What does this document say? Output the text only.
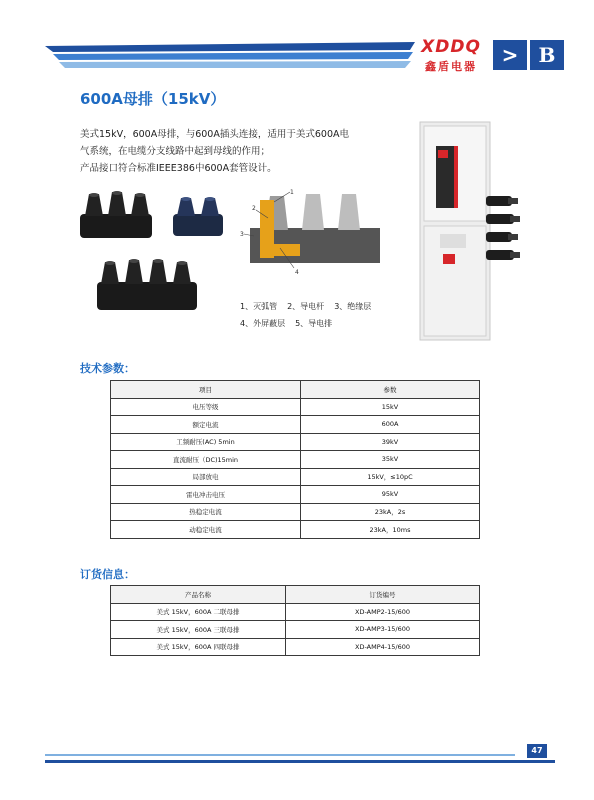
XDDQ
鑫盾电器	>	B
600A母排（15kV）
美式15kV，600A母排，与600A插头连接，适用于美式600A电
气系统，在电缆分支线路中起到母线的作用；
产品接口符合标准IEEE386中600A套管设计。
1
2
3
4
1、灭弧管 2、导电杆 3、绝缘层
4、外屏蔽层 5、导电排
技术参数：
项目	参数
电压等级	15kV
额定电流	600A
工频耐压(AC) 5min	39kV
直流耐压（DC)15min	35kV
局部放电	15kV，≤10pC
雷电冲击电压	95kV
热稳定电流	23kA，2s
动稳定电流	23kA，10ms
订货信息：
产品名称	订货编号
美式 15kV，600A 二联母排	XD-AMP2-15/600
美式 15kV，600A 三联母排	XD-AMP3-15/600
美式 15kV，600A 四联母排	XD-AMP4-15/600
47
